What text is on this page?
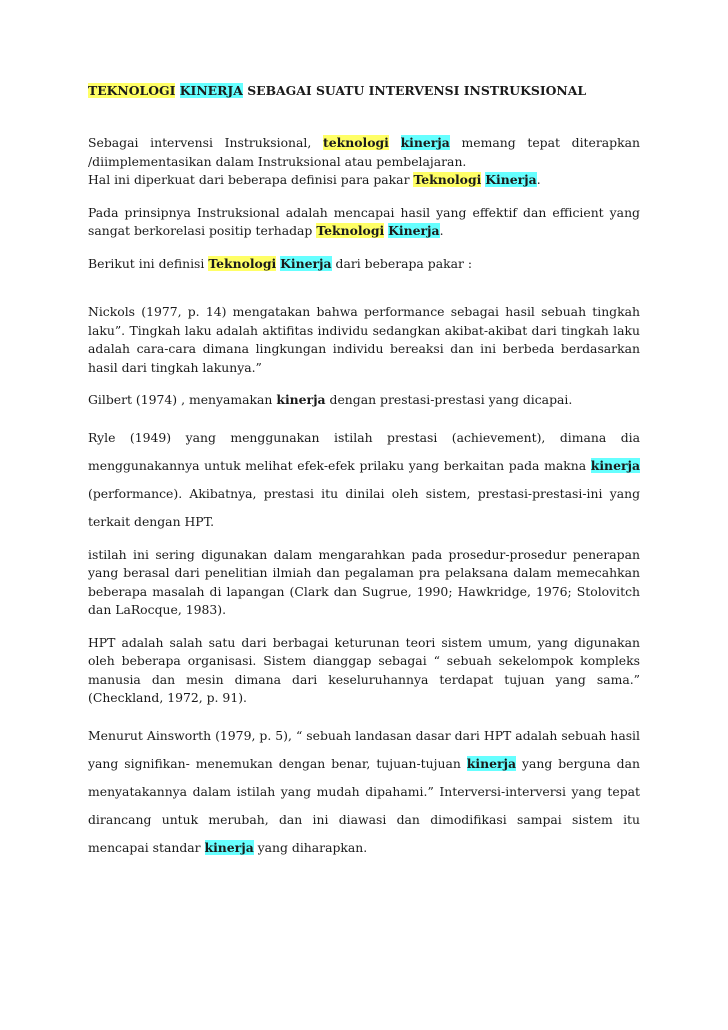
TEKNOLOGI KINERJA SEBAGAI SUATU INTERVENSI INSTRUKSIONAL

Sebagai intervensi Instruksional, teknologi kinerja memang tepat diterapkan /diimplementasikan dalam Instruksional atau pembelajaran.
Hal ini diperkuat dari beberapa definisi para pakar Teknologi Kinerja.

Pada prinsipnya Instruksional adalah mencapai hasil yang effektif dan efficient yang sangat berkorelasi positip terhadap Teknologi Kinerja.

Berikut ini definisi Teknologi Kinerja dari beberapa pakar :

Nickols (1977, p. 14) mengatakan bahwa performance sebagai hasil sebuah tingkah laku”. Tingkah laku adalah aktifitas individu sedangkan akibat-akibat dari tingkah laku adalah cara-cara dimana lingkungan individu bereaksi dan ini berbeda berdasarkan hasil dari tingkah lakunya.”

Gilbert (1974) , menyamakan kinerja dengan prestasi-prestasi yang dicapai.

Ryle (1949) yang menggunakan istilah prestasi (achievement), dimana dia menggunakannya untuk melihat efek-efek prilaku yang berkaitan pada makna kinerja (performance). Akibatnya, prestasi itu dinilai oleh sistem, prestasi-prestasi-ini yang terkait dengan HPT.

istilah ini sering digunakan dalam mengarahkan pada prosedur-prosedur penerapan yang berasal dari penelitian ilmiah dan pegalaman pra pelaksana dalam memecahkan beberapa masalah di lapangan (Clark dan Sugrue, 1990; Hawkridge, 1976; Stolovitch dan LaRocque, 1983).

HPT adalah salah satu dari berbagai keturunan teori sistem umum, yang digunakan oleh beberapa organisasi. Sistem dianggap sebagai “ sebuah sekelompok kompleks manusia dan mesin dimana dari keseluruhannya terdapat tujuan yang sama.” (Checkland, 1972, p. 91).

Menurut Ainsworth (1979, p. 5), “ sebuah landasan dasar dari HPT adalah sebuah hasil yang signifikan- menemukan dengan benar, tujuan-tujuan kinerja yang berguna dan menyatakannya dalam istilah yang mudah dipahami.” Interversi-interversi yang tepat dirancang untuk merubah, dan ini diawasi dan dimodifikasi sampai sistem itu mencapai standar kinerja yang diharapkan.
